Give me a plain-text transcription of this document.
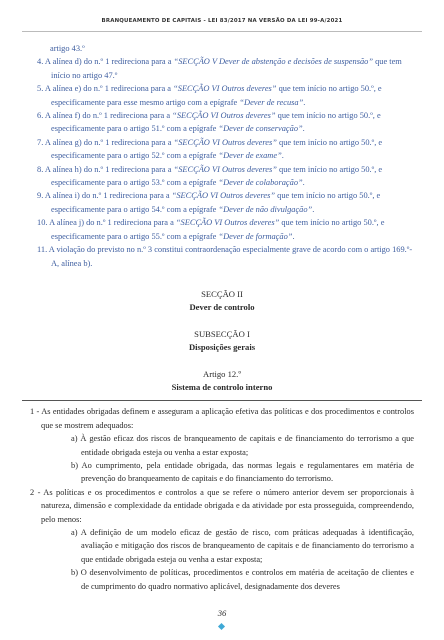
BRANQUEAMENTO DE CAPITAIS - LEI 83/2017 NA VERSÃO DA LEI 99-A/2021
artigo 43.º

4. A alínea d) do n.º 1 redireciona para a “SECÇÃO V Dever de abstenção e decisões de suspensão” que tem início no artigo 47.º

5. A alínea e) do n.º 1 redireciona para a “SECÇÃO VI Outros deveres” que tem início no artigo 50.º, e especificamente para esse mesmo artigo com a epígrafe “Dever de recusa”.

6. A alínea f) do n.º 1 redireciona para a “SECÇÃO VI Outros deveres” que tem início no artigo 50.º, e especificamente para o artigo 51.º com a epígrafe “Dever de conservação”.

7. A alínea g) do n.º 1 redireciona para a “SECÇÃO VI Outros deveres” que tem início no artigo 50.º, e especificamente para o artigo 52.º com a epígrafe “Dever de exame”.

8. A alínea h) do n.º 1 redireciona para a “SECÇÃO VI Outros deveres” que tem início no artigo 50.º, e especificamente para o artigo 53.º com a epígrafe “Dever de colaboração”.

9. A alínea i) do n.º 1 redireciona para a “SECÇÃO VI Outros deveres” que tem início no artigo 50.º, e especificamente para o artigo 54.º com a epígrafe “Dever de não divulgação”.

10. A alínea j) do n.º 1 redireciona para a “SECÇÃO VI Outros deveres” que tem início no artigo 50.º, e especificamente para o artigo 55.º com a epígrafe “Dever de formação”.

11. A violação do previsto no n.º 3 constitui contraordenação especialmente grave de acordo com o artigo 169.º- A, alínea b).

SECÇÃO II

Dever de controlo

SUBSECÇÃO I

Disposições gerais

Artigo 12.º

Sistema de controlo interno

1 - As entidades obrigadas definem e asseguram a aplicação efetiva das políticas e dos procedimentos e controlos que se mostrem adequados:

a) À gestão eficaz dos riscos de branqueamento de capitais e de financiamento do terrorismo a que entidade obrigada esteja ou venha a estar exposta;

b) Ao cumprimento, pela entidade obrigada, das normas legais e regulamentares em matéria de prevenção do branqueamento de capitais e do financiamento do terrorismo.

2 - As políticas e os procedimentos e controlos a que se refere o número anterior devem ser proporcionais à natureza, dimensão e complexidade da entidade obrigada e da atividade por esta prosseguida, compreendendo, pelo menos:

a) A definição de um modelo eficaz de gestão de risco, com práticas adequadas à identificação, avaliação e mitigação dos riscos de branqueamento de capitais e de financiamento do terrorismo a que entidade obrigada esteja ou venha a estar exposta;

b) O desenvolvimento de políticas, procedimentos e controlos em matéria de aceitação de clientes e de cumprimento do quadro normativo aplicável, designadamente dos deveres

36
